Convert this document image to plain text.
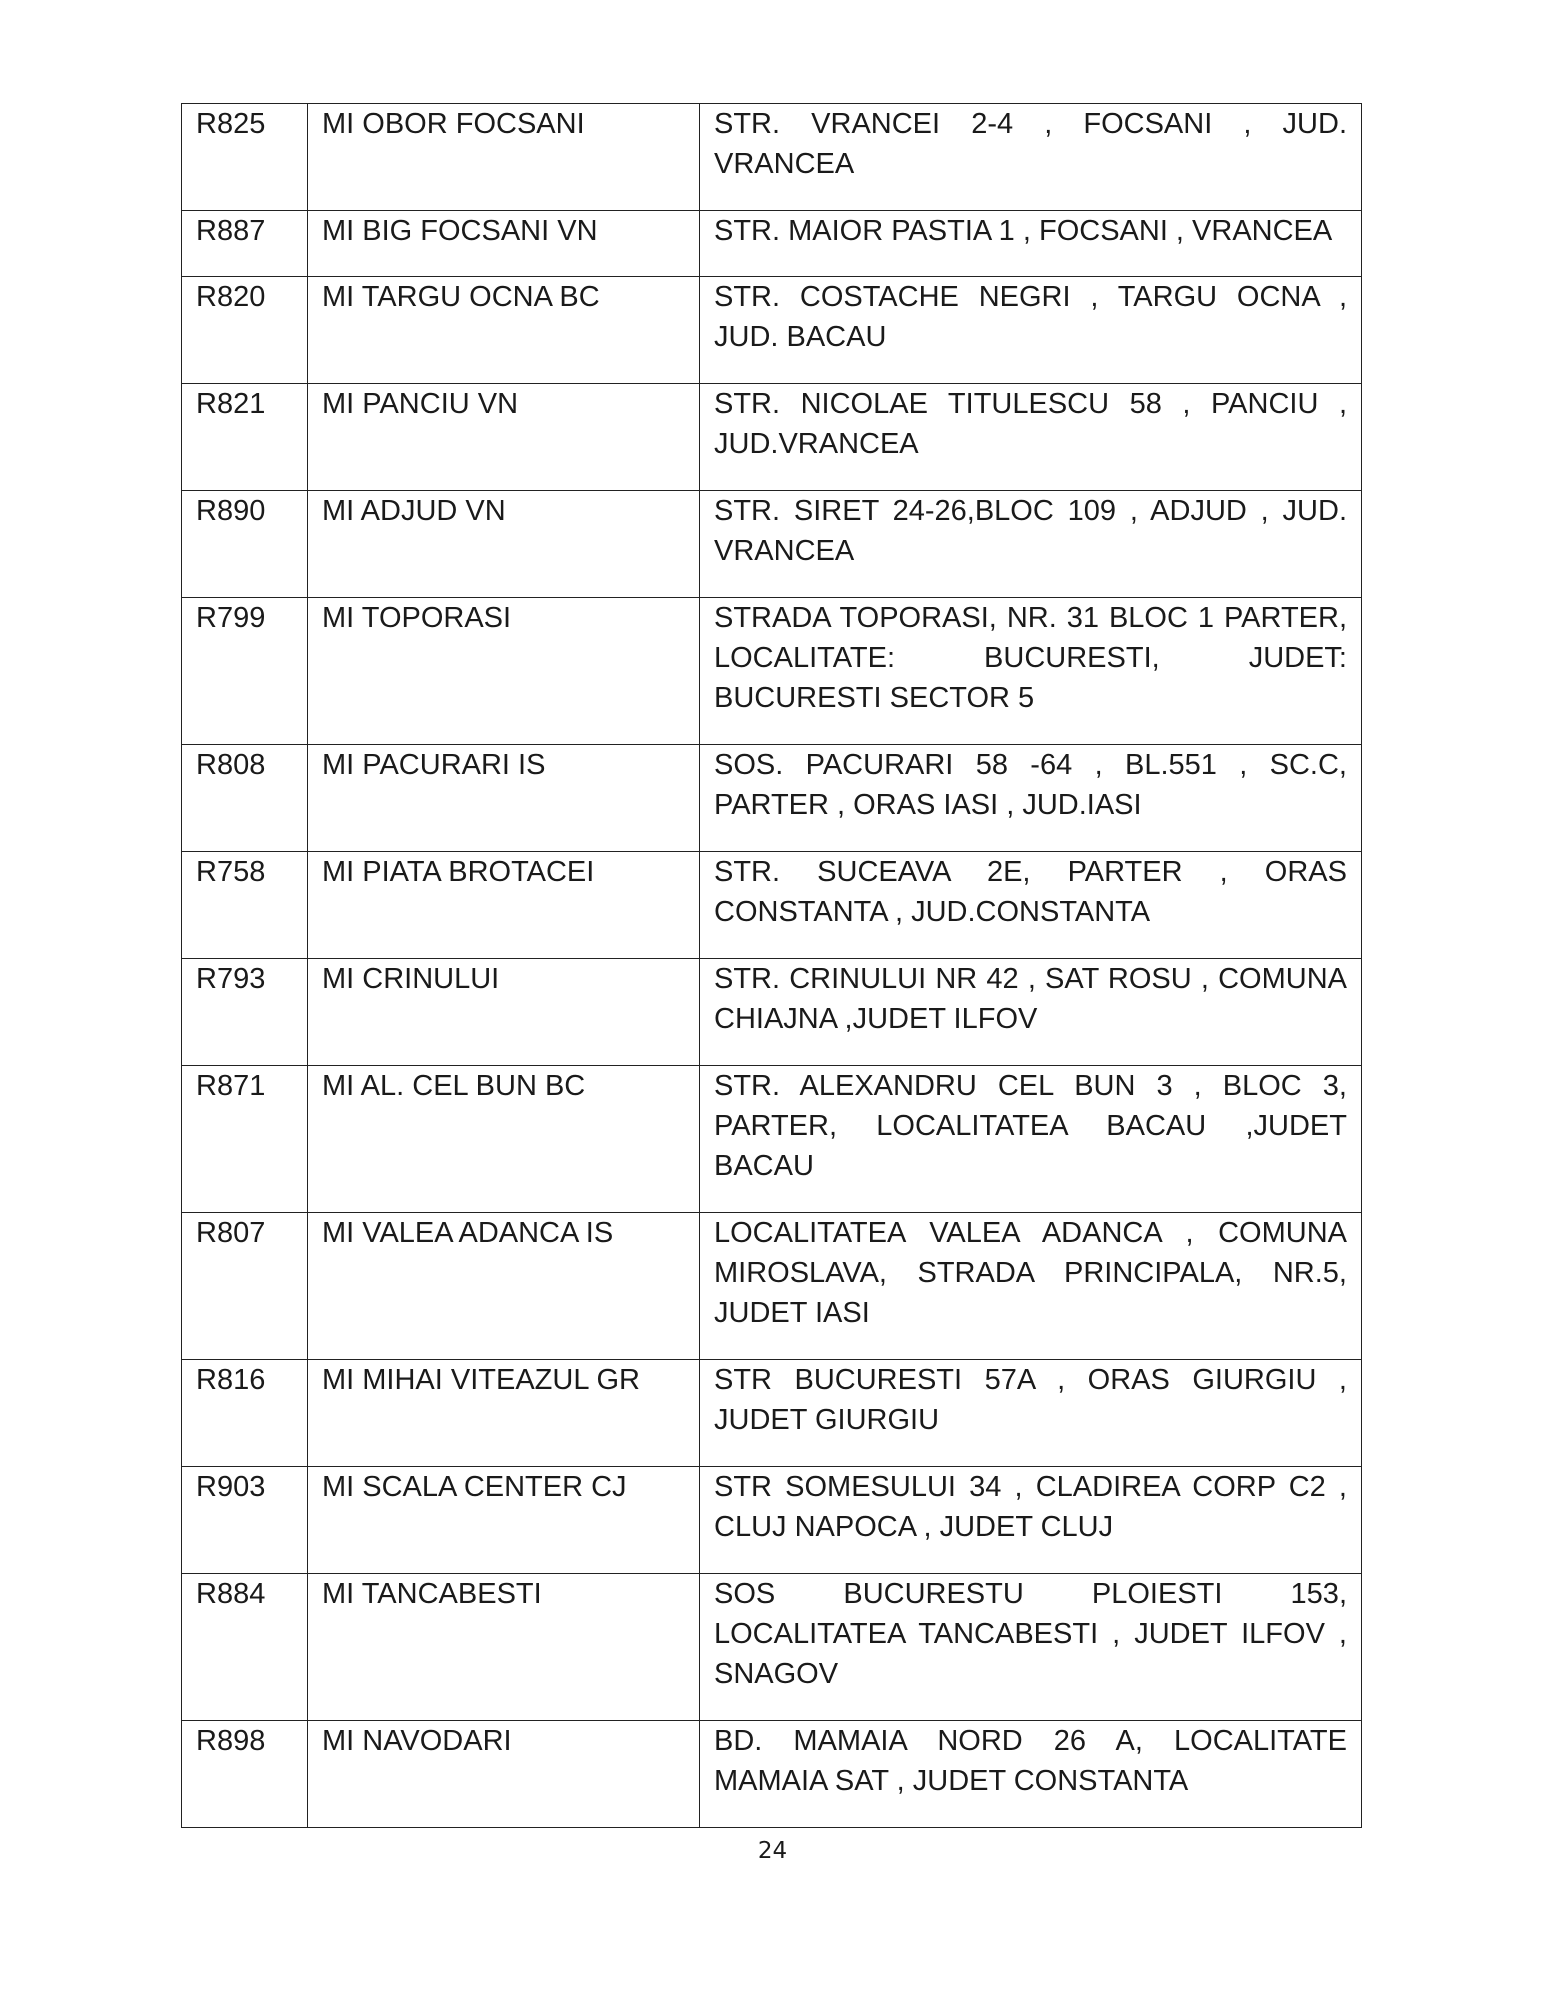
R825	MI OBOR FOCSANI	STR. VRANCEI 2-4 , FOCSANI , JUD. VRANCEA
R887	MI BIG FOCSANI VN	STR. MAIOR PASTIA 1 , FOCSANI , VRANCEA
R820	MI TARGU OCNA BC	STR. COSTACHE NEGRI , TARGU OCNA , JUD. BACAU
R821	MI PANCIU VN	STR. NICOLAE TITULESCU 58 , PANCIU , JUD.VRANCEA
R890	MI ADJUD VN	STR. SIRET 24-26,BLOC 109 , ADJUD , JUD. VRANCEA
R799	MI TOPORASI	STRADA TOPORASI, NR. 31 BLOC 1 PARTER, LOCALITATE: BUCURESTI, JUDET: BUCURESTI SECTOR 5
R808	MI PACURARI IS	SOS. PACURARI 58 -64 , BL.551 , SC.C, PARTER , ORAS IASI , JUD.IASI
R758	MI PIATA BROTACEI	STR. SUCEAVA 2E, PARTER , ORAS CONSTANTA , JUD.CONSTANTA
R793	MI CRINULUI	STR. CRINULUI NR 42 , SAT ROSU , COMUNA CHIAJNA ,JUDET ILFOV
R871	MI AL. CEL BUN BC	STR. ALEXANDRU CEL BUN 3 , BLOC 3, PARTER, LOCALITATEA BACAU ,JUDET BACAU
R807	MI VALEA ADANCA IS	LOCALITATEA VALEA ADANCA , COMUNA MIROSLAVA, STRADA PRINCIPALA, NR.5, JUDET IASI
R816	MI MIHAI VITEAZUL GR	STR BUCURESTI 57A , ORAS GIURGIU , JUDET GIURGIU
R903	MI SCALA CENTER CJ	STR SOMESULUI 34 , CLADIREA CORP C2 , CLUJ NAPOCA , JUDET CLUJ
R884	MI TANCABESTI	SOS BUCURESTU PLOIESTI 153, LOCALITATEA TANCABESTI , JUDET ILFOV , SNAGOV
R898	MI NAVODARI	BD. MAMAIA NORD 26 A, LOCALITATE MAMAIA SAT , JUDET CONSTANTA
24
